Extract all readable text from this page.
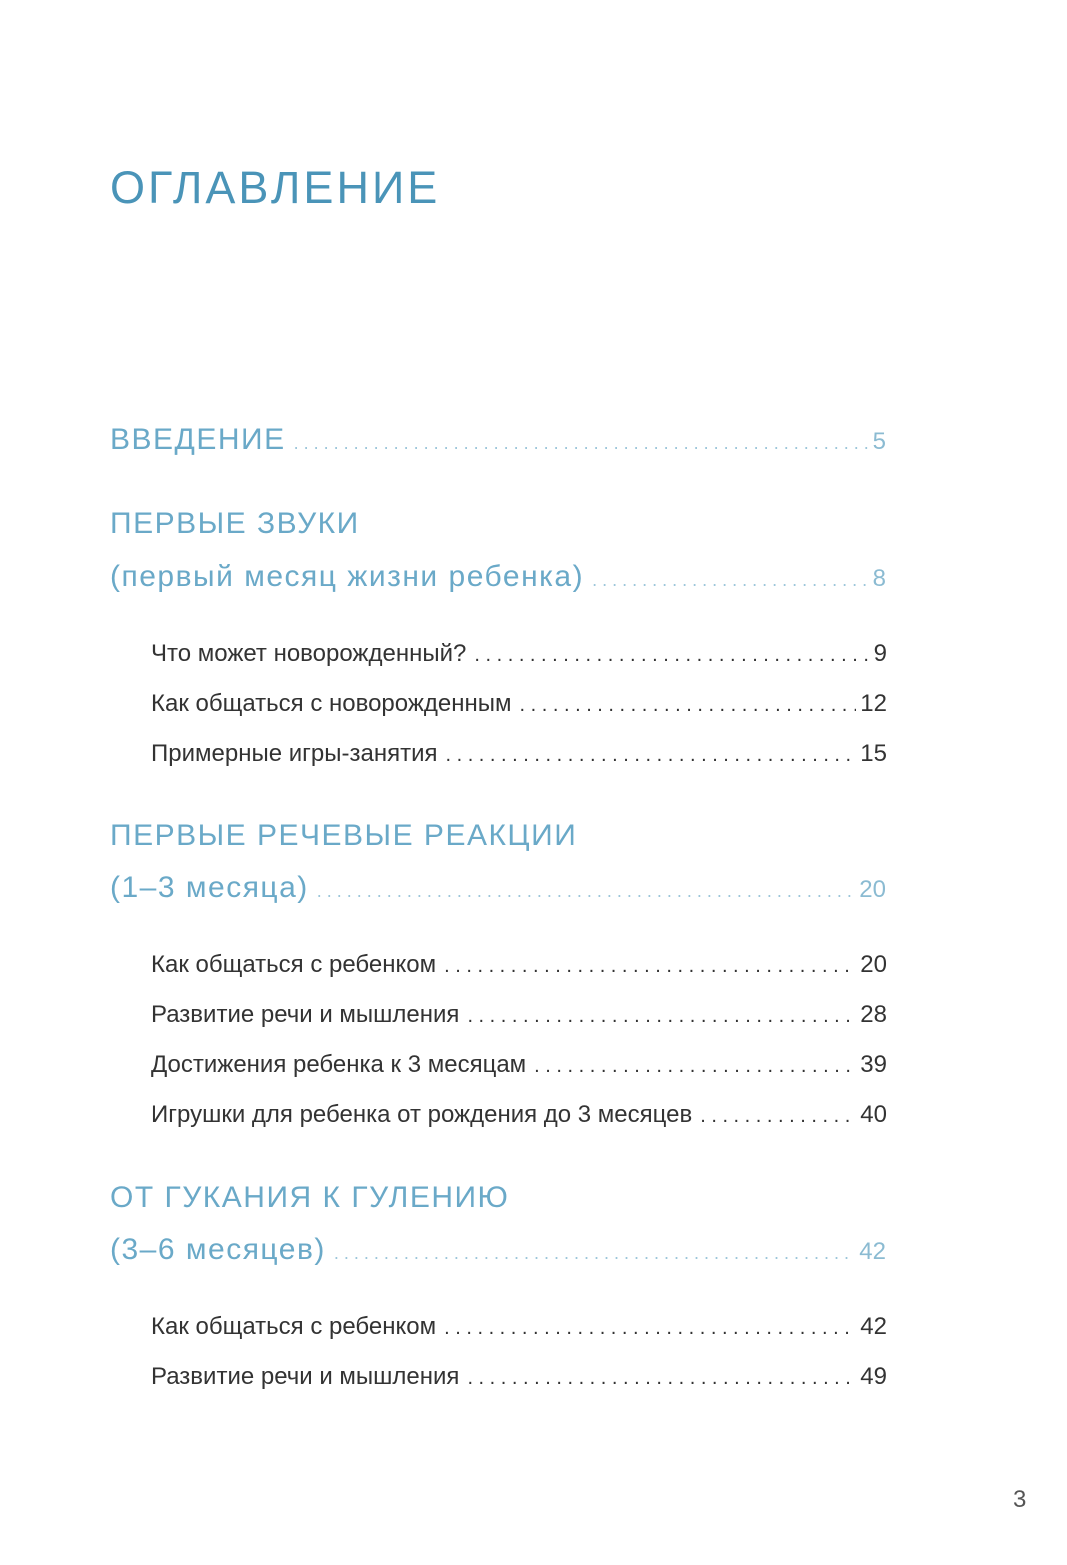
ОГЛАВЛЕНИЕ
ВВЕДЕНИЕ . . .	5
ПЕРВЫЕ ЗВУКИ
(первый месяц жизни ребенка) . . .	8
Что может новорожденный? . . .	9
Как общаться с новорожденным . . .	12
Примерные игры-занятия . . .	15
ПЕРВЫЕ РЕЧЕВЫЕ РЕАКЦИИ
(1–3 месяца) . . .	20
Как общаться с ребенком . . .	20
Развитие речи и мышления . . .	28
Достижения ребенка к 3 месяцам . . .	39
Игрушки для ребенка от рождения до 3 месяцев . . .	40
ОТ ГУКАНИЯ К ГУЛЕНИЮ
(3–6 месяцев) . . .	42
Как общаться с ребенком . . .	42
Развитие речи и мышления . . .	49
3
